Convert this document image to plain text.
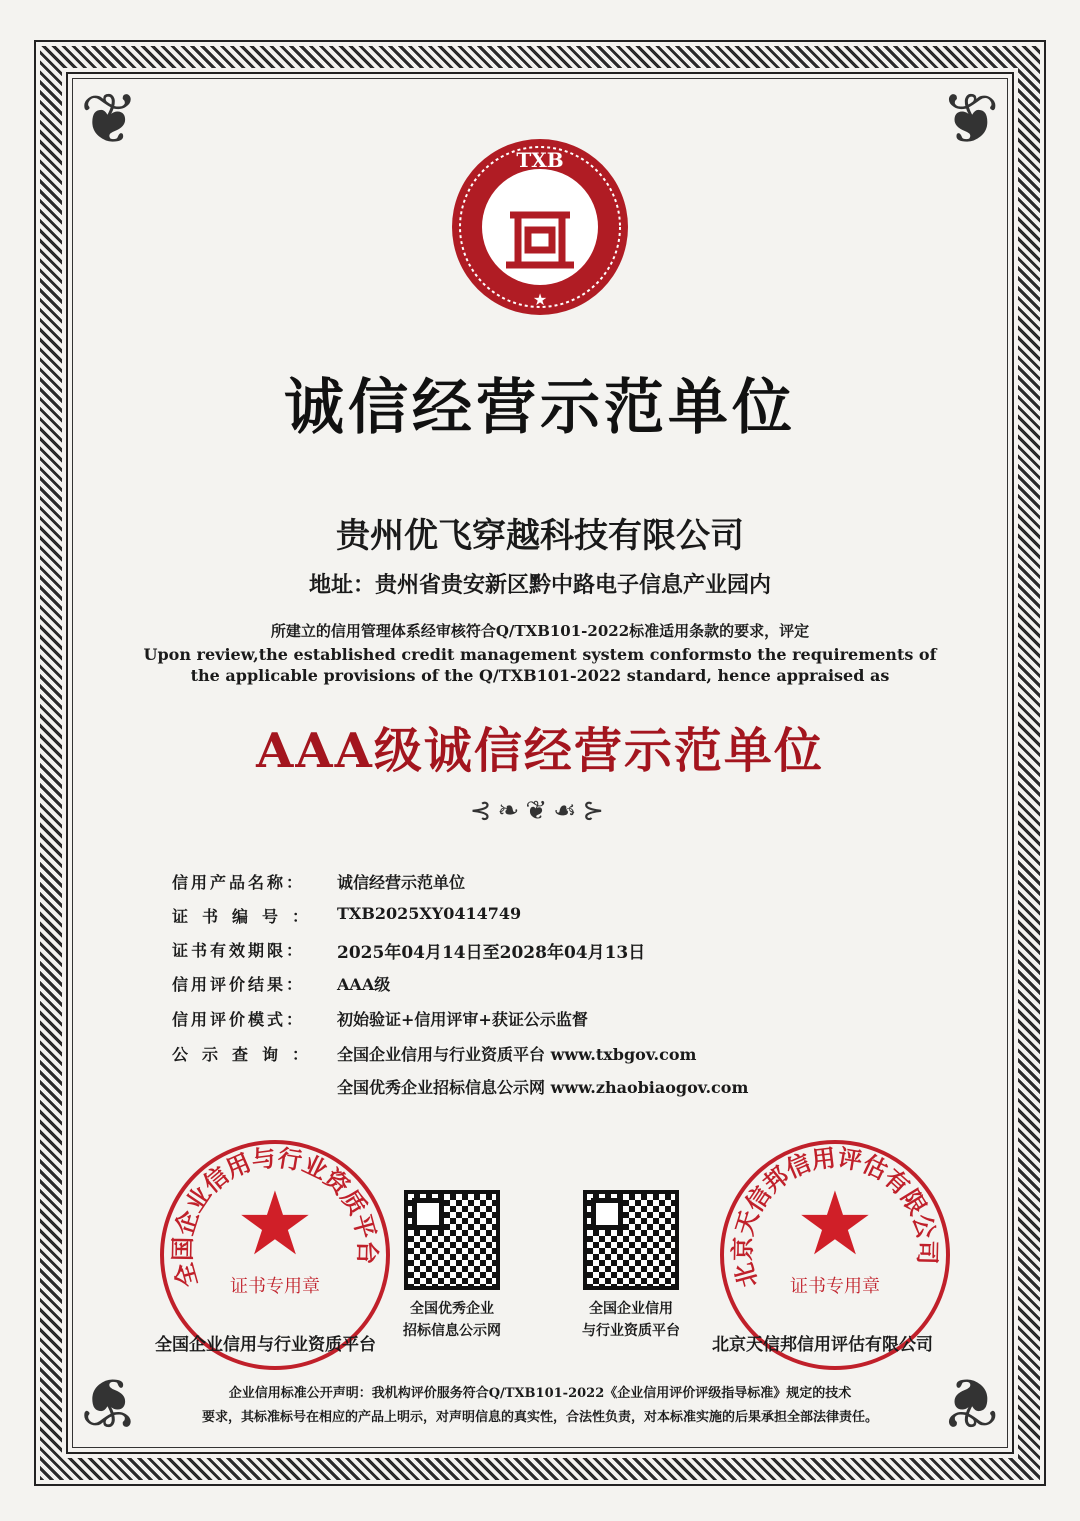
❦	❦
❦	❦
TXB
★
诚信经营示范单位
贵州优飞穿越科技有限公司
地址：贵州省贵安新区黔中路电子信息产业园内
所建立的信用管理体系经审核符合Q/TXB101-2022标准适用条款的要求，评定
Upon review,the established credit management system conformsto the requirements of
the applicable provisions of the Q/TXB101-2022 standard, hence appraised as
AAA级诚信经营示范单位
⊰❧❦☙⊱
信用产品名称：	诚信经营示范单位
证书编号： TXB2025XY0414749
证书有效期限：	2025年04月14日至2028年04月13日
信用评价结果：	AAA级
信用评价模式：	初始验证+信用评审+获证公示监督
公示查询： 全国企业信用与行业资质平台 www.txbgov.com
全国优秀企业招标信息公示网 www.zhaobiaogov.com
全国企业信用与行业资质平台
★
证书专用章	北京天信邦信用评估有限公司
★
证书专用章
全国企业信用与行业资质平台	北京天信邦信用评估有限公司
全国优秀企业
招标信息公示网
全国企业信用
与行业资质平台
企业信用标准公开声明：我机构评价服务符合Q/TXB101-2022《企业信用评价评级指导标准》规定的技术
要求，其标准标号在相应的产品上明示，对声明信息的真实性，合法性负责，对本标准实施的后果承担全部法律责任。
